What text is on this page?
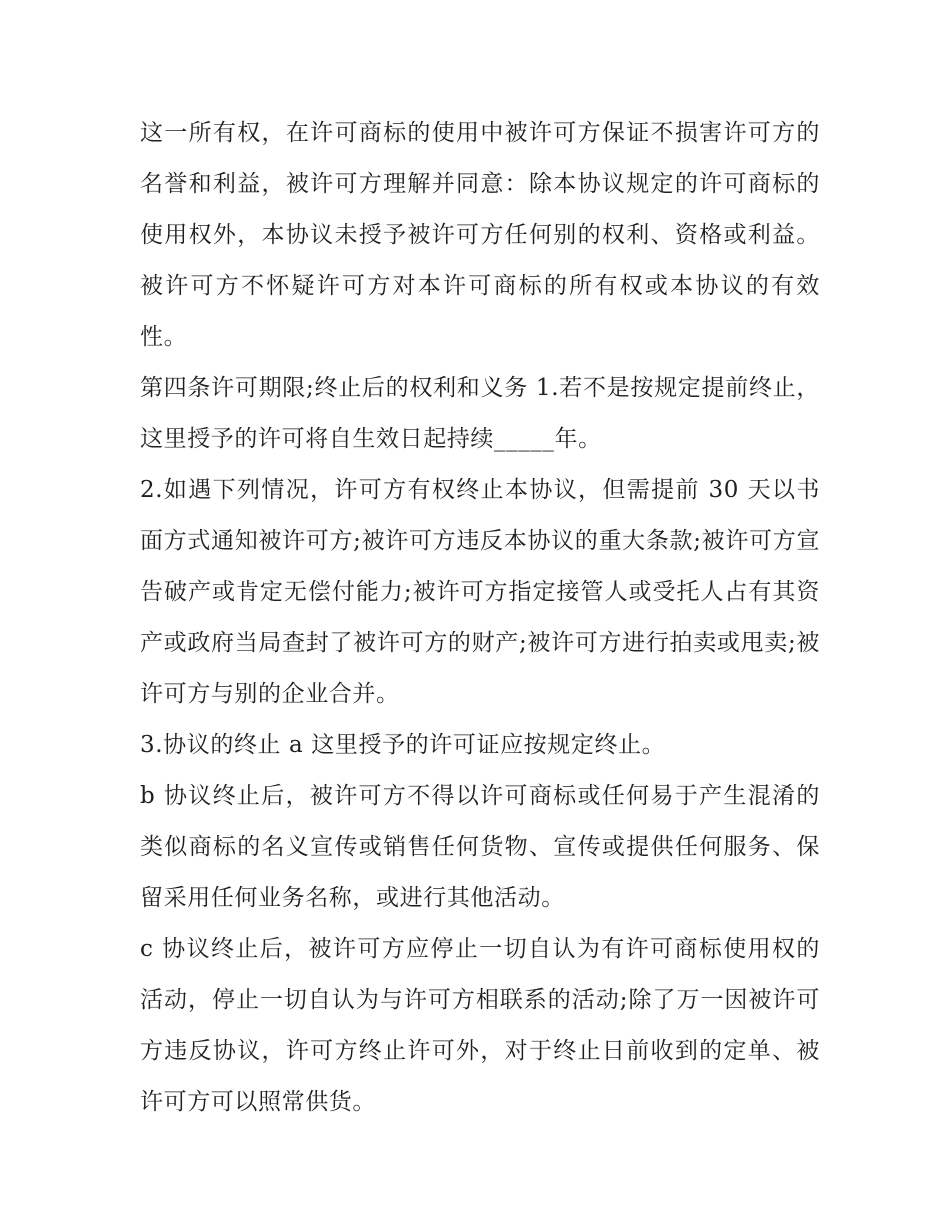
这一所有权，在许可商标的使用中被许可方保证不损害许可方的名誉和利益，被许可方理解并同意：除本协议规定的许可商标的使用权外，本协议未授予被许可方任何别的权利、资格或利益。被许可方不怀疑许可方对本许可商标的所有权或本协议的有效性。

第四条许可期限;终止后的权利和义务 1.若不是按规定提前终止，这里授予的许可将自生效日起持续_____年。

2.如遇下列情况，许可方有权终止本协议，但需提前 30 天以书面方式通知被许可方;被许可方违反本协议的重大条款;被许可方宣告破产或肯定无偿付能力;被许可方指定接管人或受托人占有其资产或政府当局查封了被许可方的财产;被许可方进行拍卖或甩卖;被许可方与别的企业合并。

3.协议的终止 a 这里授予的许可证应按规定终止。

b 协议终止后，被许可方不得以许可商标或任何易于产生混淆的类似商标的名义宣传或销售任何货物、宣传或提供任何服务、保留采用任何业务名称，或进行其他活动。

c 协议终止后，被许可方应停止一切自认为有许可商标使用权的活动，停止一切自认为与许可方相联系的活动;除了万一因被许可方违反协议，许可方终止许可外，对于终止日前收到的定单、被许可方可以照常供货。
